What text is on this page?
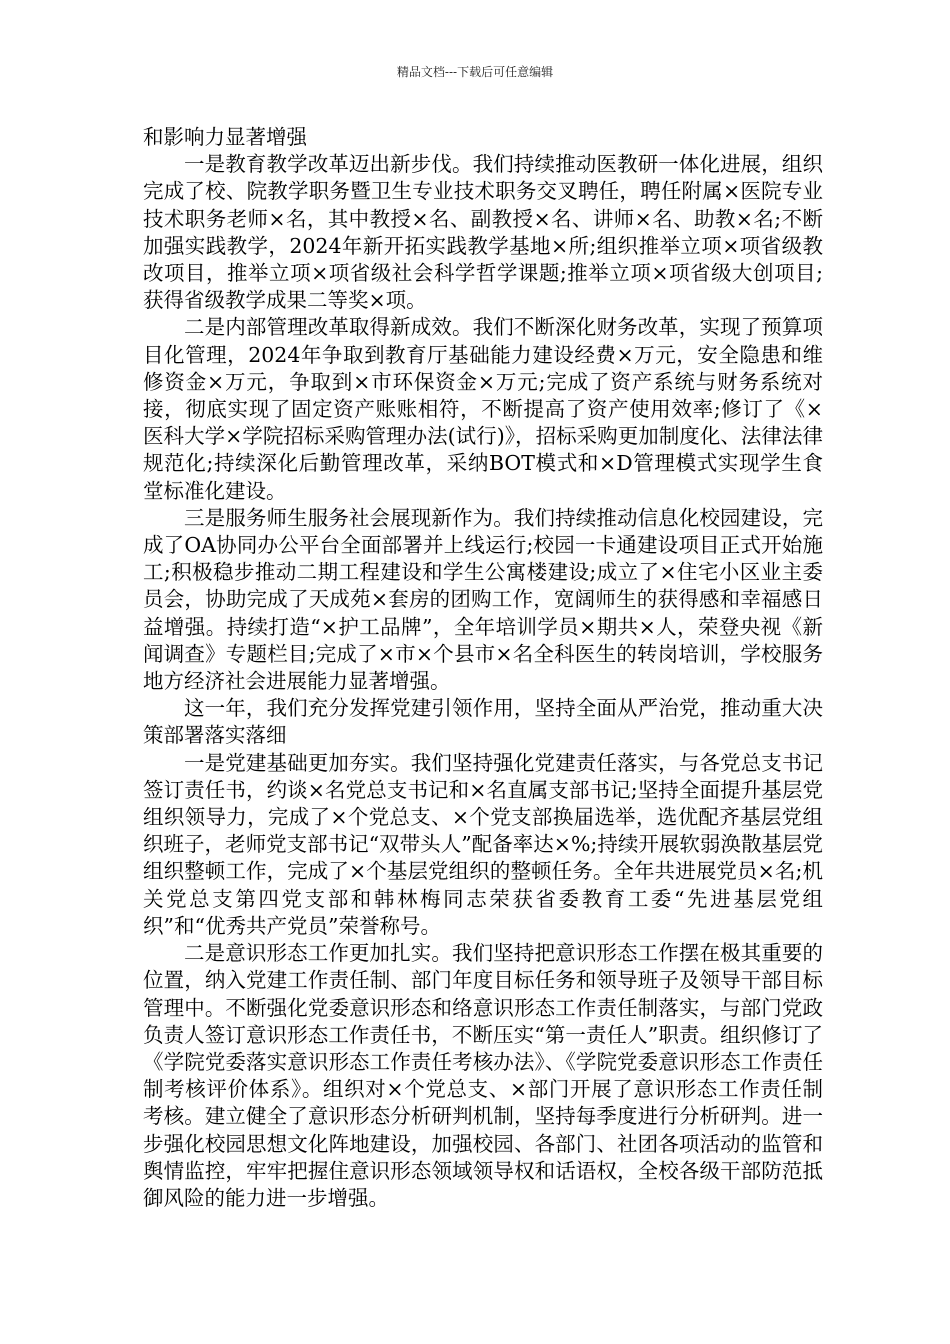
精品文档---下载后可任意编辑

和影响力显著增强

一是教育教学改革迈出新步伐。我们持续推动医教研一体化进展，组织完成了校、院教学职务暨卫生专业技术职务交叉聘任，聘任附属×医院专业技术职务老师×名，其中教授×名、副教授×名、讲师×名、助教×名;不断加强实践教学，2024年新开拓实践教学基地×所;组织推举立项×项省级教改项目，推举立项×项省级社会科学哲学课题;推举立项×项省级大创项目;获得省级教学成果二等奖×项。

二是内部管理改革取得新成效。我们不断深化财务改革，实现了预算项目化管理，2024年争取到教育厅基础能力建设经费×万元，安全隐患和维修资金×万元，争取到×市环保资金×万元;完成了资产系统与财务系统对接，彻底实现了固定资产账账相符，不断提高了资产使用效率;修订了《×医科大学×学院招标采购管理办法(试行)》，招标采购更加制度化、法律法律规范化;持续深化后勤管理改革，采纳BOT模式和×D管理模式实现学生食堂标准化建设。

三是服务师生服务社会展现新作为。我们持续推动信息化校园建设，完成了OA协同办公平台全面部署并上线运行;校园一卡通建设项目正式开始施工;积极稳步推动二期工程建设和学生公寓楼建设;成立了×住宅小区业主委员会，协助完成了天成苑×套房的团购工作，宽阔师生的获得感和幸福感日益增强。持续打造“×护工品牌”，全年培训学员×期共×人，荣登央视《新闻调查》专题栏目;完成了×市×个县市×名全科医生的转岗培训，学校服务地方经济社会进展能力显著增强。

这一年，我们充分发挥党建引领作用，坚持全面从严治党，推动重大决策部署落实落细

一是党建基础更加夯实。我们坚持强化党建责任落实，与各党总支书记签订责任书，约谈×名党总支书记和×名直属支部书记;坚持全面提升基层党组织领导力，完成了×个党总支、×个党支部换届选举，选优配齐基层党组织班子，老师党支部书记“双带头人”配备率达×%;持续开展软弱涣散基层党组织整顿工作，完成了×个基层党组织的整顿任务。全年共进展党员×名;机关党总支第四党支部和韩林梅同志荣获省委教育工委“先进基层党组织”和“优秀共产党员”荣誉称号。

二是意识形态工作更加扎实。我们坚持把意识形态工作摆在极其重要的位置，纳入党建工作责任制、部门年度目标任务和领导班子及领导干部目标管理中。不断强化党委意识形态和络意识形态工作责任制落实，与部门党政负责人签订意识形态工作责任书，不断压实“第一责任人”职责。组织修订了《学院党委落实意识形态工作责任考核办法》、《学院党委意识形态工作责任制考核评价体系》。组织对×个党总支、×部门开展了意识形态工作责任制考核。建立健全了意识形态分析研判机制，坚持每季度进行分析研判。进一步强化校园思想文化阵地建设，加强校园、各部门、社团各项活动的监管和舆情监控，牢牢把握住意识形态领域领导权和话语权，全校各级干部防范抵御风险的能力进一步增强。
